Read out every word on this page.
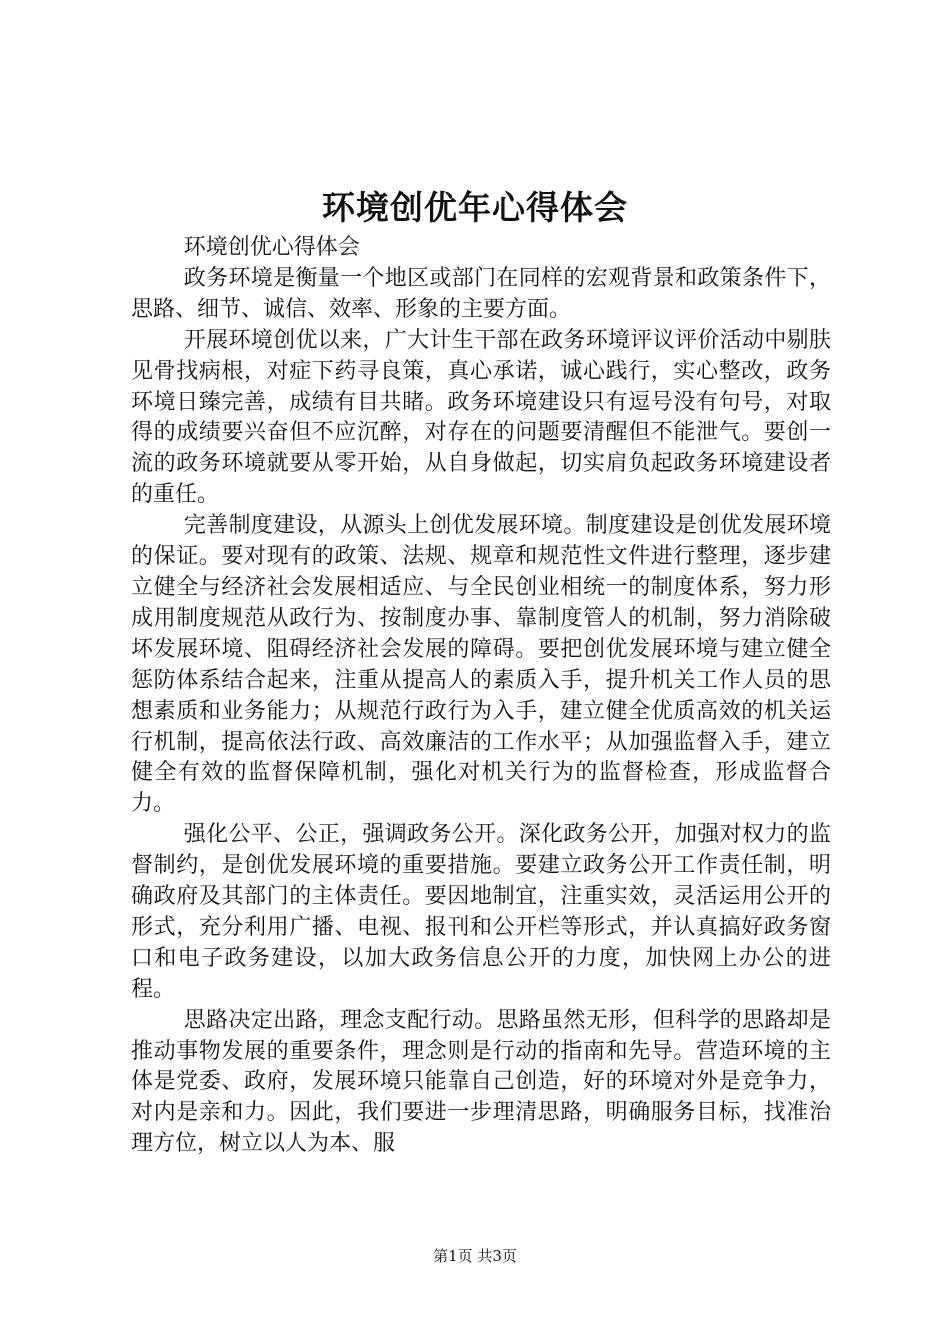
环境创优年心得体会

环境创优心得体会

政务环境是衡量一个地区或部门在同样的宏观背景和政策条件下，思路、细节、诚信、效率、形象的主要方面。

开展环境创优以来，广大计生干部在政务环境评议评价活动中剔肤见骨找病根，对症下药寻良策，真心承诺，诚心践行，实心整改，政务环境日臻完善，成绩有目共睹。政务环境建设只有逗号没有句号，对取得的成绩要兴奋但不应沉醉，对存在的问题要清醒但不能泄气。要创一流的政务环境就要从零开始，从自身做起，切实肩负起政务环境建设者的重任。

完善制度建设，从源头上创优发展环境。制度建设是创优发展环境的保证。要对现有的政策、法规、规章和规范性文件进行整理，逐步建立健全与经济社会发展相适应、与全民创业相统一的制度体系，努力形成用制度规范从政行为、按制度办事、靠制度管人的机制，努力消除破坏发展环境、阻碍经济社会发展的障碍。要把创优发展环境与建立健全惩防体系结合起来，注重从提高人的素质入手，提升机关工作人员的思想素质和业务能力；从规范行政行为入手，建立健全优质高效的机关运行机制，提高依法行政、高效廉洁的工作水平；从加强监督入手，建立健全有效的监督保障机制，强化对机关行为的监督检查，形成监督合力。

强化公平、公正，强调政务公开。深化政务公开，加强对权力的监督制约，是创优发展环境的重要措施。要建立政务公开工作责任制，明确政府及其部门的主体责任。要因地制宜，注重实效，灵活运用公开的形式，充分利用广播、电视、报刊和公开栏等形式，并认真搞好政务窗口和电子政务建设，以加大政务信息公开的力度，加快网上办公的进程。

思路决定出路，理念支配行动。思路虽然无形，但科学的思路却是推动事物发展的重要条件，理念则是行动的指南和先导。营造环境的主体是党委、政府，发展环境只能靠自己创造，好的环境对外是竞争力，对内是亲和力。因此，我们要进一步理清思路，明确服务目标，找准治理方位，树立以人为本、服

第1页 共3页
